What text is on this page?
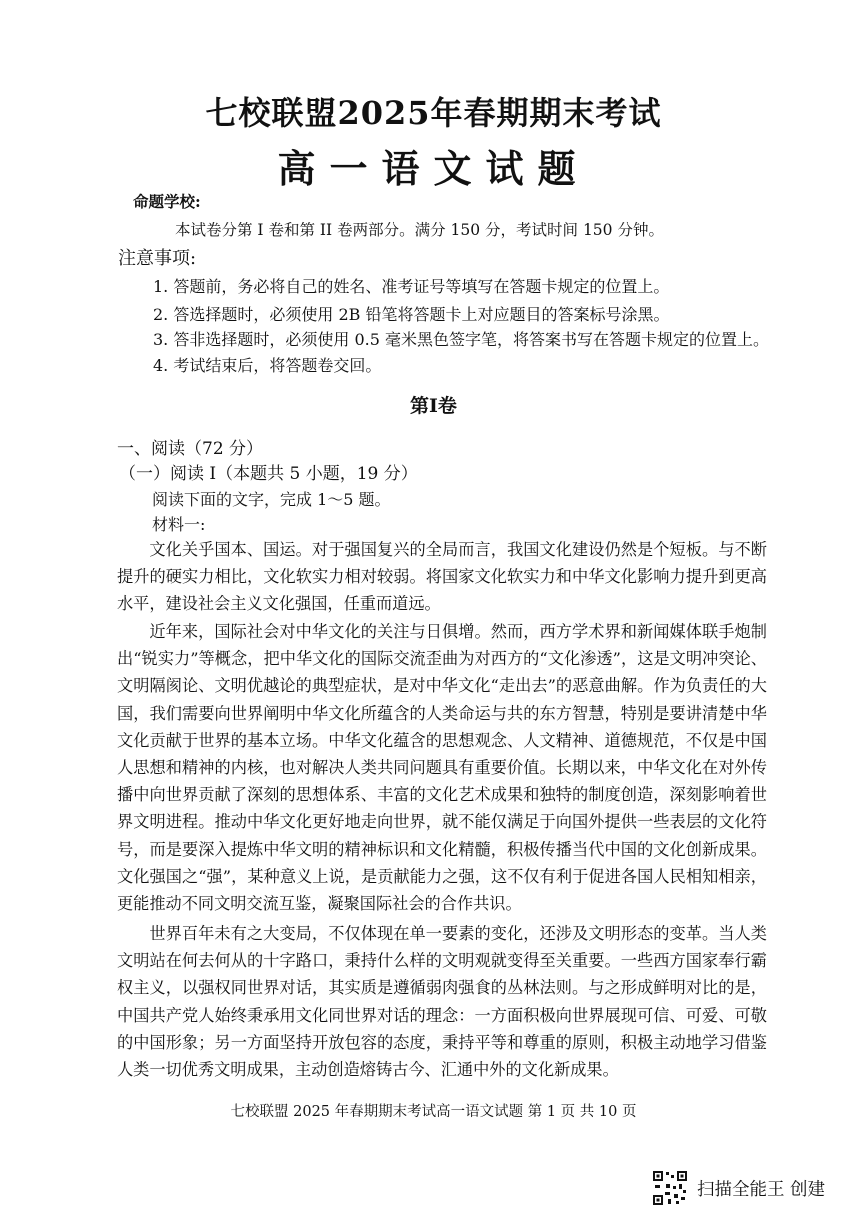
七校联盟2025年春期期末考试
高一语文试题
命题学校:
本试卷分第 I 卷和第 II 卷两部分。满分 150 分，考试时间 150 分钟。
注意事项:
1. 答题前，务必将自己的姓名、准考证号等填写在答题卡规定的位置上。
2. 答选择题时，必须使用 2B 铅笔将答题卡上对应题目的答案标号涂黑。
3. 答非选择题时，必须使用 0.5 毫米黑色签字笔，将答案书写在答题卡规定的位置上。
4. 考试结束后，将答题卷交回。
第I卷
一、阅读（72 分）
（一）阅读 I（本题共 5 小题，19 分）
阅读下面的文字，完成 1～5 题。
材料一:
文化关乎国本、国运。对于强国复兴的全局而言，我国文化建设仍然是个短板。与不断提升的硬实力相比，文化软实力相对较弱。将国家文化软实力和中华文化影响力提升到更高水平，建设社会主义文化强国，任重而道远。
近年来，国际社会对中华文化的关注与日俱增。然而，西方学术界和新闻媒体联手炮制出“锐实力”等概念，把中华文化的国际交流歪曲为对西方的“文化渗透”，这是文明冲突论、文明隔阂论、文明优越论的典型症状，是对中华文化“走出去”的恶意曲解。作为负责任的大国，我们需要向世界阐明中华文化所蕴含的人类命运与共的东方智慧，特别是要讲清楚中华文化贡献于世界的基本立场。中华文化蕴含的思想观念、人文精神、道德规范，不仅是中国人思想和精神的内核，也对解决人类共同问题具有重要价值。长期以来，中华文化在对外传播中向世界贡献了深刻的思想体系、丰富的文化艺术成果和独特的制度创造，深刻影响着世界文明进程。推动中华文化更好地走向世界，就不能仅满足于向国外提供一些表层的文化符号，而是要深入提炼中华文明的精神标识和文化精髓，积极传播当代中国的文化创新成果。文化强国之“强”，某种意义上说，是贡献能力之强，这不仅有利于促进各国人民相知相亲，更能推动不同文明交流互鉴，凝聚国际社会的合作共识。
世界百年未有之大变局，不仅体现在单一要素的变化，还涉及文明形态的变革。当人类文明站在何去何从的十字路口，秉持什么样的文明观就变得至关重要。一些西方国家奉行霸权主义，以强权同世界对话，其实质是遵循弱肉强食的丛林法则。与之形成鲜明对比的是，中国共产党人始终秉承用文化同世界对话的理念：一方面积极向世界展现可信、可爱、可敬的中国形象；另一方面坚持开放包容的态度，秉持平等和尊重的原则，积极主动地学习借鉴人类一切优秀文明成果，主动创造熔铸古今、汇通中外的文化新成果。
七校联盟 2025 年春期期末考试高一语文试题 第 1 页 共 10 页
扫描全能王 创建
